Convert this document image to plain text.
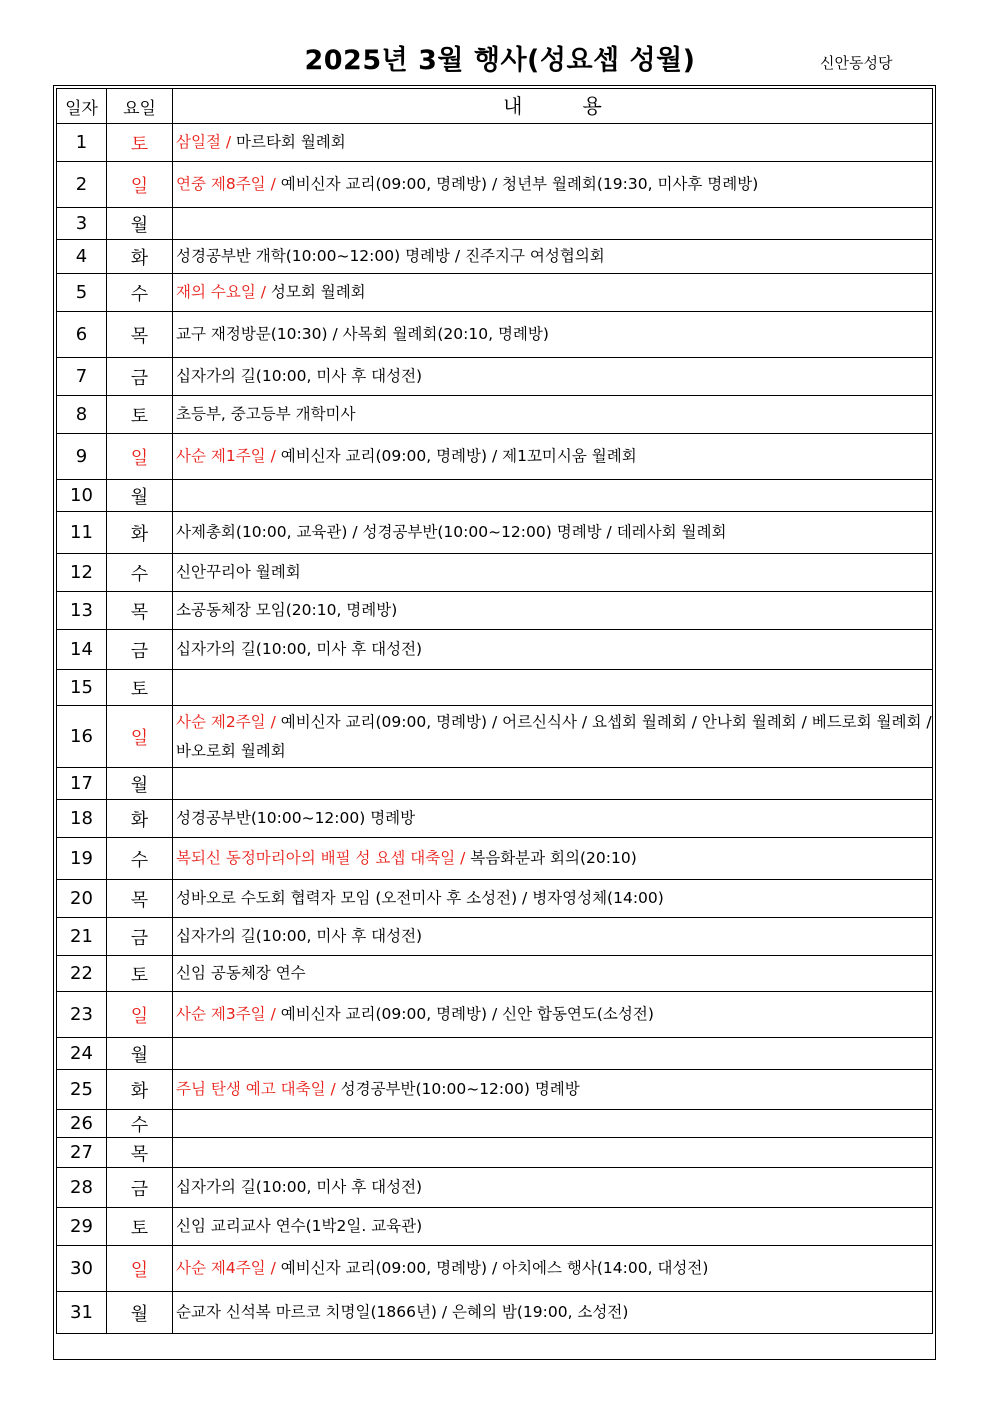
2025년 3월 행사(성요셉 성월)	신안동성당
일자	요일	내용
1	토	삼일절 / 마르타회 월례회
2	일	연중 제8주일 / 예비신자 교리(09:00, 명례방) / 청년부 월례회(19:30, 미사후 명례방)
3	월	
4	화	성경공부반 개학(10:00~12:00) 명례방 / 진주지구 여성협의회
5	수	재의 수요일 / 성모회 월례회
6	목	교구 재정방문(10:30) / 사목회 월례회(20:10, 명례방)
7	금	십자가의 길(10:00, 미사 후 대성전)
8	토	초등부, 중고등부 개학미사
9	일	사순 제1주일 / 예비신자 교리(09:00, 명례방) / 제1꼬미시움 월례회
10	월	
11	화	사제총회(10:00, 교육관) / 성경공부반(10:00~12:00) 명례방 / 데레사회 월례회
12	수	신안꾸리아 월례회
13	목	소공동체장 모임(20:10, 명례방)
14	금	십자가의 길(10:00, 미사 후 대성전)
15	토	
16	일	사순 제2주일 / 예비신자 교리(09:00, 명례방) / 어르신식사 / 요셉회 월례회 / 안나회 월례회 / 베드로회 월례회 / 바오로회 월례회
17	월	
18	화	성경공부반(10:00~12:00) 명례방
19	수	복되신 동정마리아의 배필 성 요셉 대축일 / 복음화분과 회의(20:10)
20	목	성바오로 수도회 협력자 모임 (오전미사 후 소성전) / 병자영성체(14:00)
21	금	십자가의 길(10:00, 미사 후 대성전)
22	토	신임 공동체장 연수
23	일	사순 제3주일 / 예비신자 교리(09:00, 명례방) / 신안 합동연도(소성전)
24	월	
25	화	주님 탄생 예고 대축일 / 성경공부반(10:00~12:00) 명례방
26	수	
27	목	
28	금	십자가의 길(10:00, 미사 후 대성전)
29	토	신임 교리교사 연수(1박2일. 교육관)
30	일	사순 제4주일 / 예비신자 교리(09:00, 명례방) / 아치에스 행사(14:00, 대성전)
31	월	순교자 신석복 마르코 치명일(1866년) / 은혜의 밤(19:00, 소성전)
